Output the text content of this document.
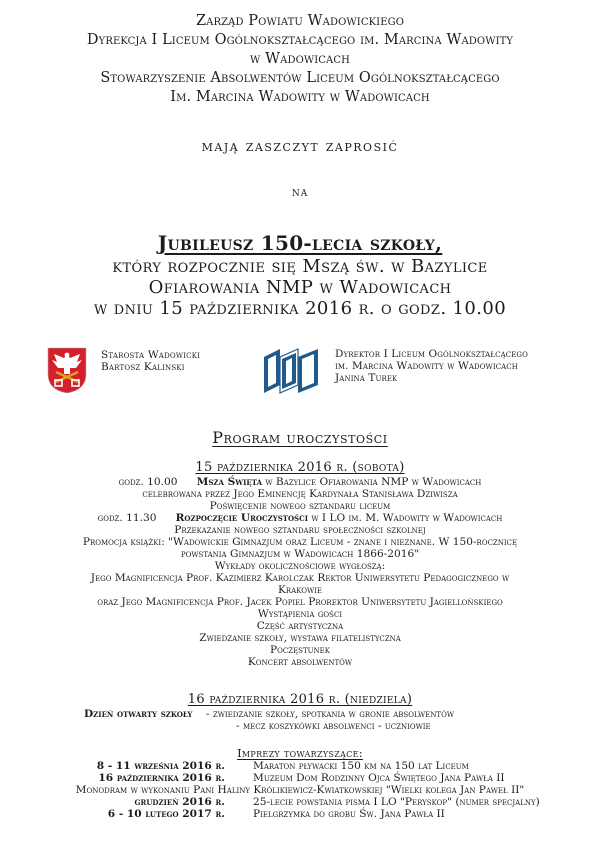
Zarząd Powiatu Wadowickiego
Dyrekcja I Liceum Ogólnokształcącego im. Marcina Wadowity
w Wadowicach
Stowarzyszenie Absolwentów Liceum Ogólnokształcącego
Im. Marcina Wadowity w Wadowicach
mają zaszczyt zaprosić
na
Jubileusz 150-lecia szkoły,
który rozpocznie się Mszą św. w Bazylice
Ofiarowania NMP w Wadowicach
w dniu 15 października 2016 r. o godz. 10.00
Starosta Wadowicki
Bartosz Kalinski
Dyrektor I Liceum Ogólnokształcącego
im. Marcina Wadowity w Wadowicach
Janina Turek
Program uroczystości
15 października 2016 r. (sobota)
godz. 10.00 Msza Święta w Bazylice Ofiarowania NMP w Wadowicach
celebrowana przez Jego Eminencję Kardynała Stanisława Dziwisza
Poświęcenie nowego sztandaru liceum
godz. 11.30 Rozpoczęcie Uroczystości w I LO im. M. Wadowity w Wadowicach
Przekazanie nowego sztandaru społeczności szkolnej
Promocja książki: "Wadowickie Gimnazjum oraz Liceum - znane i nieznane. W 150-rocznicę
powstania Gimnazjum w Wadowicach 1866-2016"
Wykłady okolicznościowe wygłoszą:
Jego Magnificencja Prof. Kazimierz Karolczak Rektor Uniwersytetu Pedagogicznego w
Krakowie
oraz Jego Magnificencja Prof. Jacek Popiel Prorektor Uniwersytetu Jagiellońskiego
Wystąpienia gości
Część artystyczna
Zwiedzanie szkoły, wystawa filatelistyczna
Poczęstunek
Koncert absolwentów
16 października 2016 r. (niedziela)
Dzień otwarty szkoły - zwiedzanie szkoły, spotkania w gronie absolwentów
- mecz koszykówki absolwenci - uczniowie
Imprezy towarzyszące:
8 - 11 września 2016 r.	Maraton pływacki 150 km na 150 lat Liceum
16 października 2016 r.	Muzeum Dom Rodzinny Ojca Świętego Jana Pawła II
Monodram w wykonaniu Pani Haliny Królikiewicz-Kwiatkowskiej "Wielki kolega Jan Paweł II"
grudzień 2016 r.	25-lecie powstania pisma I LO "Peryskop" (numer specjalny)
6 - 10 lutego 2017 r.	Pielgrzymka do grobu Św. Jana Pawła II
